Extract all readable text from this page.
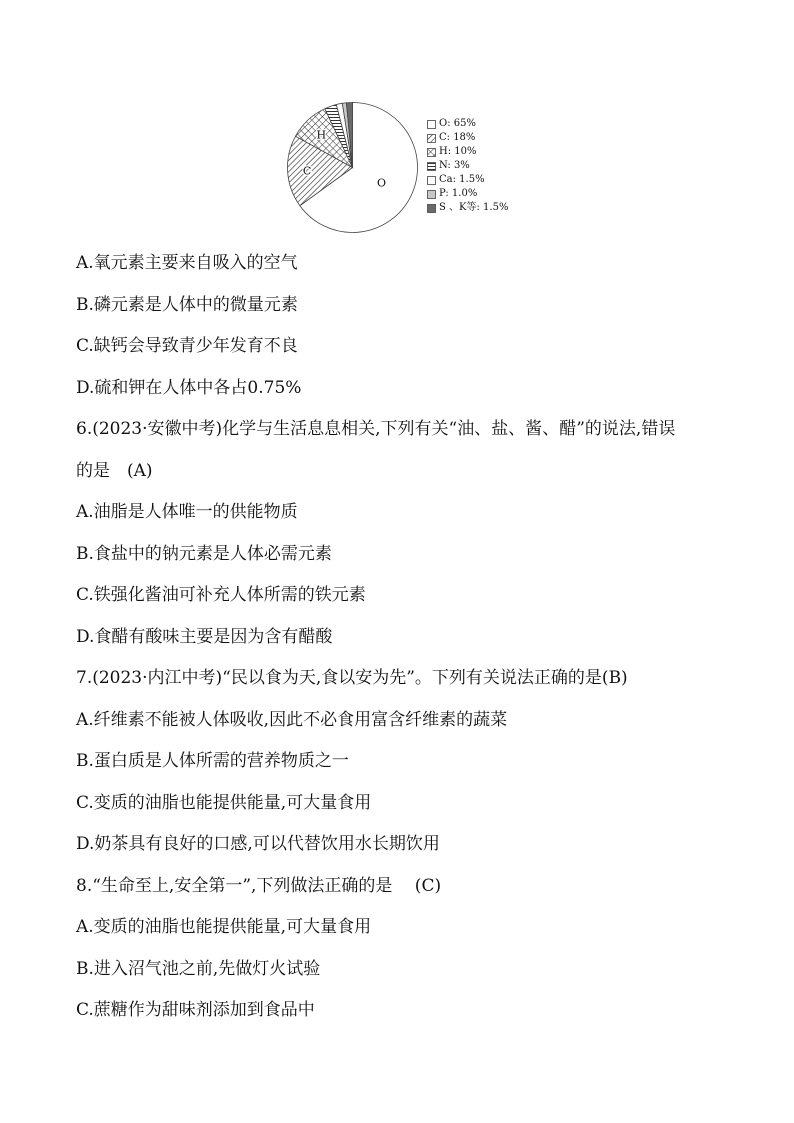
O
C
H
O: 65%
C: 18%
H: 10%
N: 3%
Ca: 1.5%
P: 1.0%
S 、K等: 1.5%
A.氧元素主要来自吸入的空气
B.磷元素是人体中的微量元素
C.缺钙会导致青少年发育不良
D.硫和钾在人体中各占0.75%
6.(2023·安徽中考)化学与生活息息相关,下列有关“油、盐、酱、醋”的说法,错误
的是　(A)
A.油脂是人体唯一的供能物质
B.食盐中的钠元素是人体必需元素
C.铁强化酱油可补充人体所需的铁元素
D.食醋有酸味主要是因为含有醋酸
7.(2023·内江中考)“民以食为天,食以安为先”。下列有关说法正确的是(B)
A.纤维素不能被人体吸收,因此不必食用富含纤维素的蔬菜
B.蛋白质是人体所需的营养物质之一
C.变质的油脂也能提供能量,可大量食用
D.奶茶具有良好的口感,可以代替饮用水长期饮用
8.“生命至上,安全第一”,下列做法正确的是　 (C)
A.变质的油脂也能提供能量,可大量食用
B.进入沼气池之前,先做灯火试验
C.蔗糖作为甜味剂添加到食品中
